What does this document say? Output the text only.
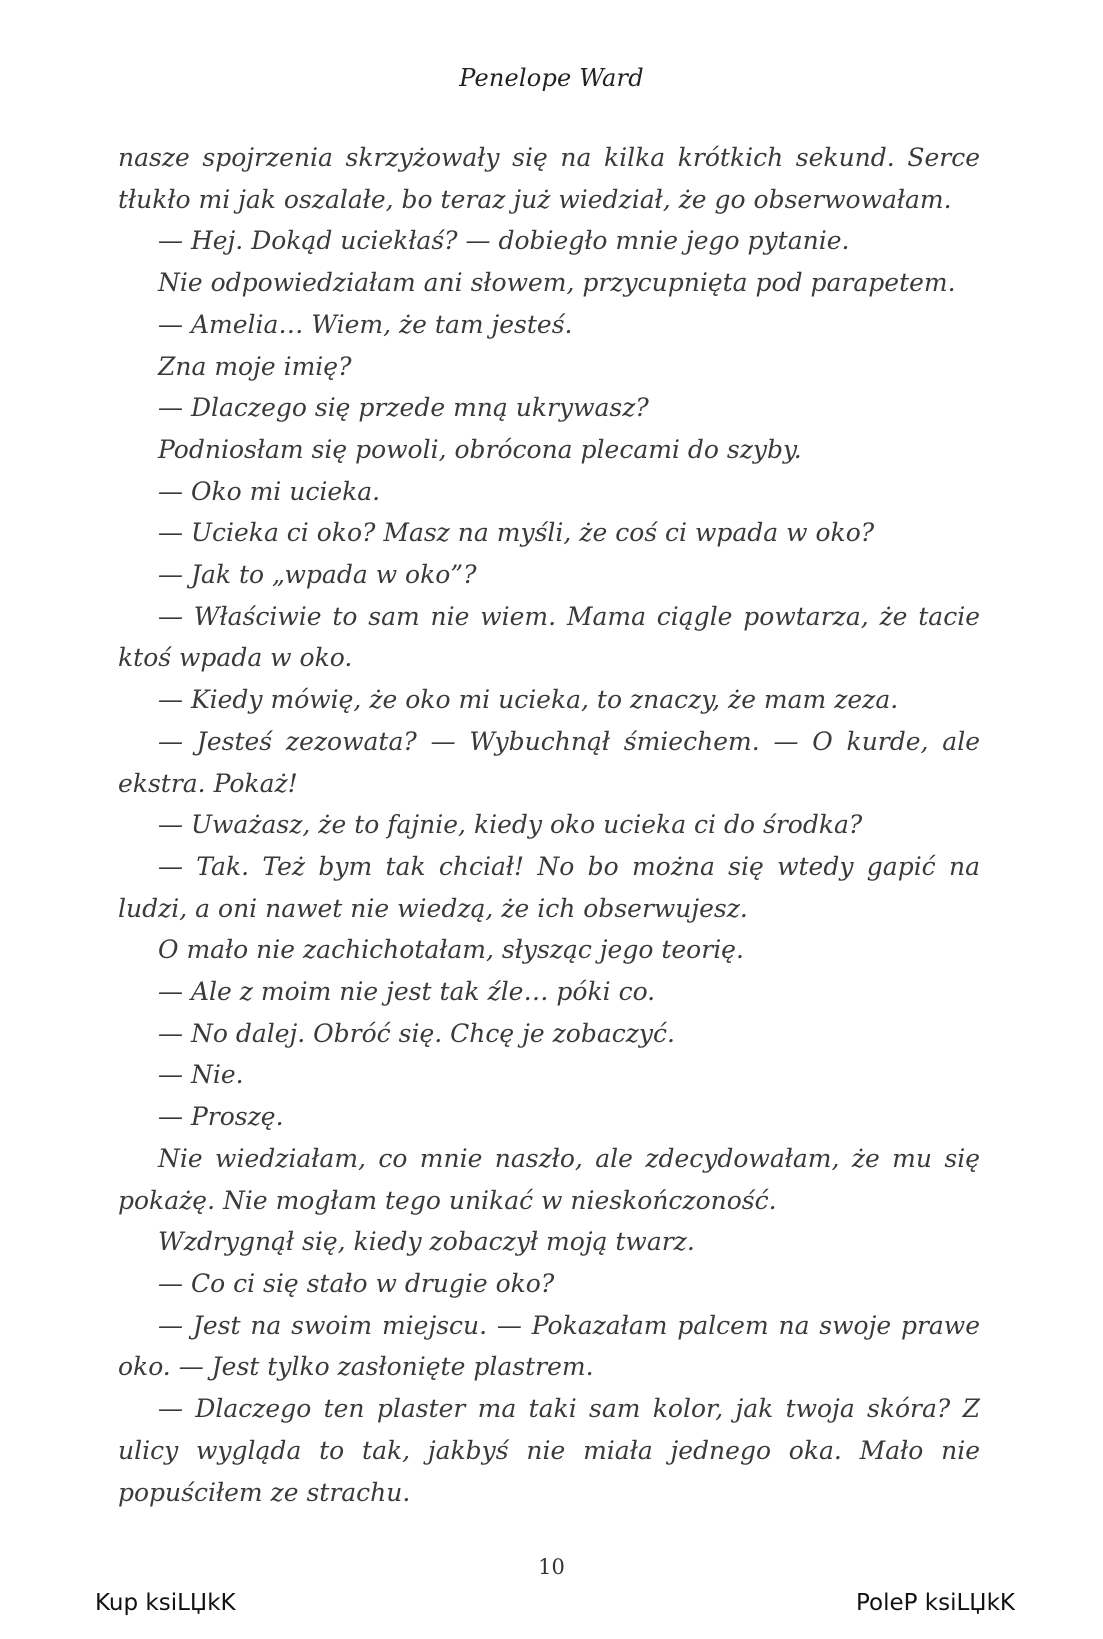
Penelope Ward

nasze spojrzenia skrzyżowały się na kilka krótkich sekund. Serce tłukło mi jak oszalałe, bo teraz już wiedział, że go obserwowałam.

— Hej. Dokąd uciekłaś? — dobiegło mnie jego pytanie.

Nie odpowiedziałam ani słowem, przycupnięta pod parapetem.

— Amelia… Wiem, że tam jesteś.

Zna moje imię?

— Dlaczego się przede mną ukrywasz?

Podniosłam się powoli, obrócona plecami do szyby.

— Oko mi ucieka.

— Ucieka ci oko? Masz na myśli, że coś ci wpada w oko?

— Jak to „wpada w oko”?

— Właściwie to sam nie wiem. Mama ciągle powtarza, że tacie ktoś wpada w oko.

— Kiedy mówię, że oko mi ucieka, to znaczy, że mam zeza.

— Jesteś zezowata? — Wybuchnął śmiechem. — O kurde, ale ekstra. Pokaż!

— Uważasz, że to fajnie, kiedy oko ucieka ci do środka?

— Tak. Też bym tak chciał! No bo można się wtedy gapić na ludzi, a oni nawet nie wiedzą, że ich obserwujesz.

O mało nie zachichotałam, słysząc jego teorię.

— Ale z moim nie jest tak źle… póki co.

— No dalej. Obróć się. Chcę je zobaczyć.

— Nie.

— Proszę.

Nie wiedziałam, co mnie naszło, ale zdecydowałam, że mu się pokażę. Nie mogłam tego unikać w nieskończoność.

Wzdrygnął się, kiedy zobaczył moją twarz.

— Co ci się stało w drugie oko?

— Jest na swoim miejscu. — Pokazałam palcem na swoje prawe oko. — Jest tylko zasłonięte plastrem.

— Dlaczego ten plaster ma taki sam kolor, jak twoja skóra? Z ulicy wygląda to tak, jakbyś nie miała jednego oka. Mało nie popuściłem ze strachu.

10
Kup ksiLЏkK	PoleP ksiLЏkK
